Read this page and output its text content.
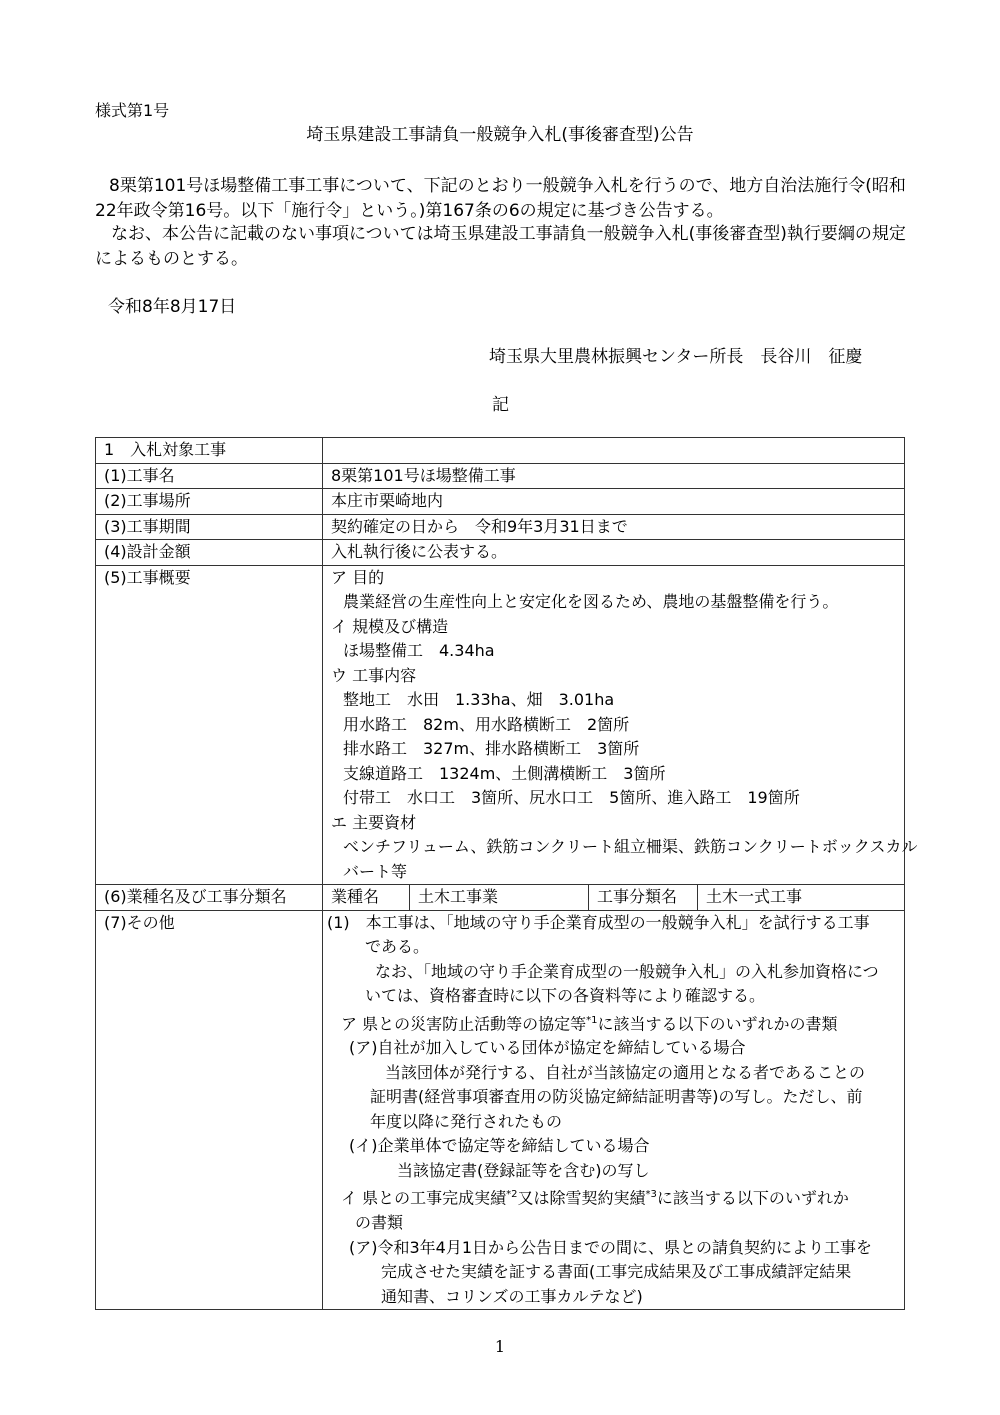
様式第1号
埼玉県建設工事請負一般競争入札(事後審査型)公告
8栗第101号ほ場整備工事工事について、下記のとおり一般競争入札を行うので、地方自治法施行令(昭和22年政令第16号。以下「施行令」という。)第167条の6の規定に基づき公告する。
なお、本公告に記載のない事項については埼玉県建設工事請負一般競争入札(事後審査型)執行要綱の規定によるものとする。
令和8年8月17日
埼玉県大里農林振興センター所長　長谷川　征慶
記
1　入札対象工事	
(1)工事名	8栗第101号ほ場整備工事
(2)工事場所	本庄市栗崎地内
(3)工事期間	契約確定の日から　令和9年3月31日まで
(4)設計金額	入札執行後に公表する。
(5)工事概要	ア 目的
農業経営の生産性向上と安定化を図るため、農地の基盤整備を行う。
イ 規模及び構造
ほ場整備工　4.34ha
ウ 工事内容
整地工　水田　1.33ha、畑　3.01ha
用水路工　82m、用水路横断工　2箇所
排水路工　327m、排水路横断工　3箇所
支線道路工　1324m、土側溝横断工　3箇所
付帯工　水口工　3箇所、尻水口工　5箇所、進入路工　19箇所
エ 主要資材
ベンチフリューム、鉄筋コンクリート組立柵渠、鉄筋コンクリートボックスカル
バート等

(6)業種名及び工事分類名		業種名	土木工事業	工事分類名	土木一式工事

(7)その他	(1)　本工事は、「地域の守り手企業育成型の一般競争入札」を試行する工事
である。
なお、「地域の守り手企業育成型の一般競争入札」の入札参加資格につ
いては、資格審査時に以下の各資料等により確認する。
ア 県との災害防止活動等の協定等$^{*1}$に該当する以下のいずれかの書類
(ア)自社が加入している団体が協定を締結している場合
当該団体が発行する、自社が当該協定の適用となる者であることの
証明書(経営事項審査用の防災協定締結証明書等)の写し。ただし、前
年度以降に発行されたもの
(イ)企業単体で協定等を締結している場合
当該協定書(登録証等を含む)の写し
イ 県との工事完成実績$^{*2}$又は除雪契約実績$^{*3}$に該当する以下のいずれか
の書類
(ア)令和3年4月1日から公告日までの間に、県との請負契約により工事を
完成させた実績を証する書面(工事完成結果及び工事成績評定結果
通知書、コリンズの工事カルテなど)
1
